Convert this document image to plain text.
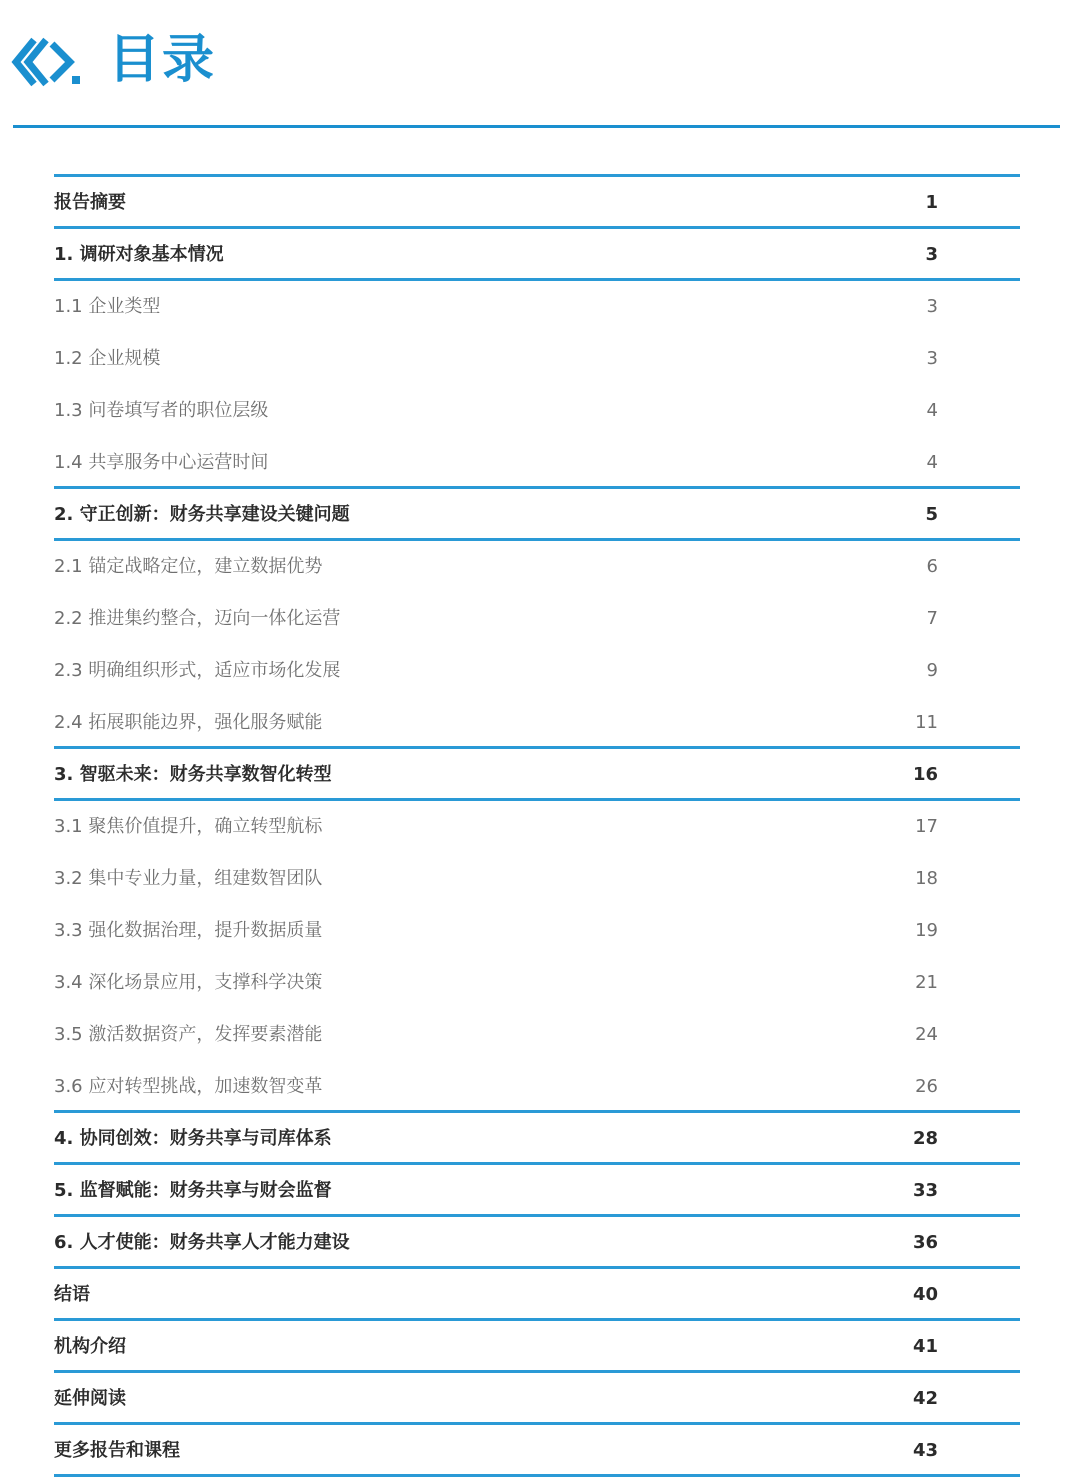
目录
报告摘要	1
1. 调研对象基本情况	3
1.1 企业类型	3
1.2 企业规模	3
1.3 问卷填写者的职位层级	4
1.4 共享服务中心运营时间	4
2. 守正创新：财务共享建设关键问题	5
2.1 锚定战略定位，建立数据优势	6
2.2 推进集约整合，迈向一体化运营	7
2.3 明确组织形式，适应市场化发展	9
2.4 拓展职能边界，强化服务赋能	11
3. 智驱未来：财务共享数智化转型	16
3.1 聚焦价值提升，确立转型航标	17
3.2 集中专业力量，组建数智团队	18
3.3 强化数据治理，提升数据质量	19
3.4 深化场景应用，支撑科学决策	21
3.5 激活数据资产，发挥要素潜能	24
3.6 应对转型挑战，加速数智变革	26
4. 协同创效：财务共享与司库体系	28
5. 监督赋能：财务共享与财会监督	33
6. 人才使能：财务共享人才能力建设	36
结语	40
机构介绍	41
延伸阅读	42
更多报告和课程	43
